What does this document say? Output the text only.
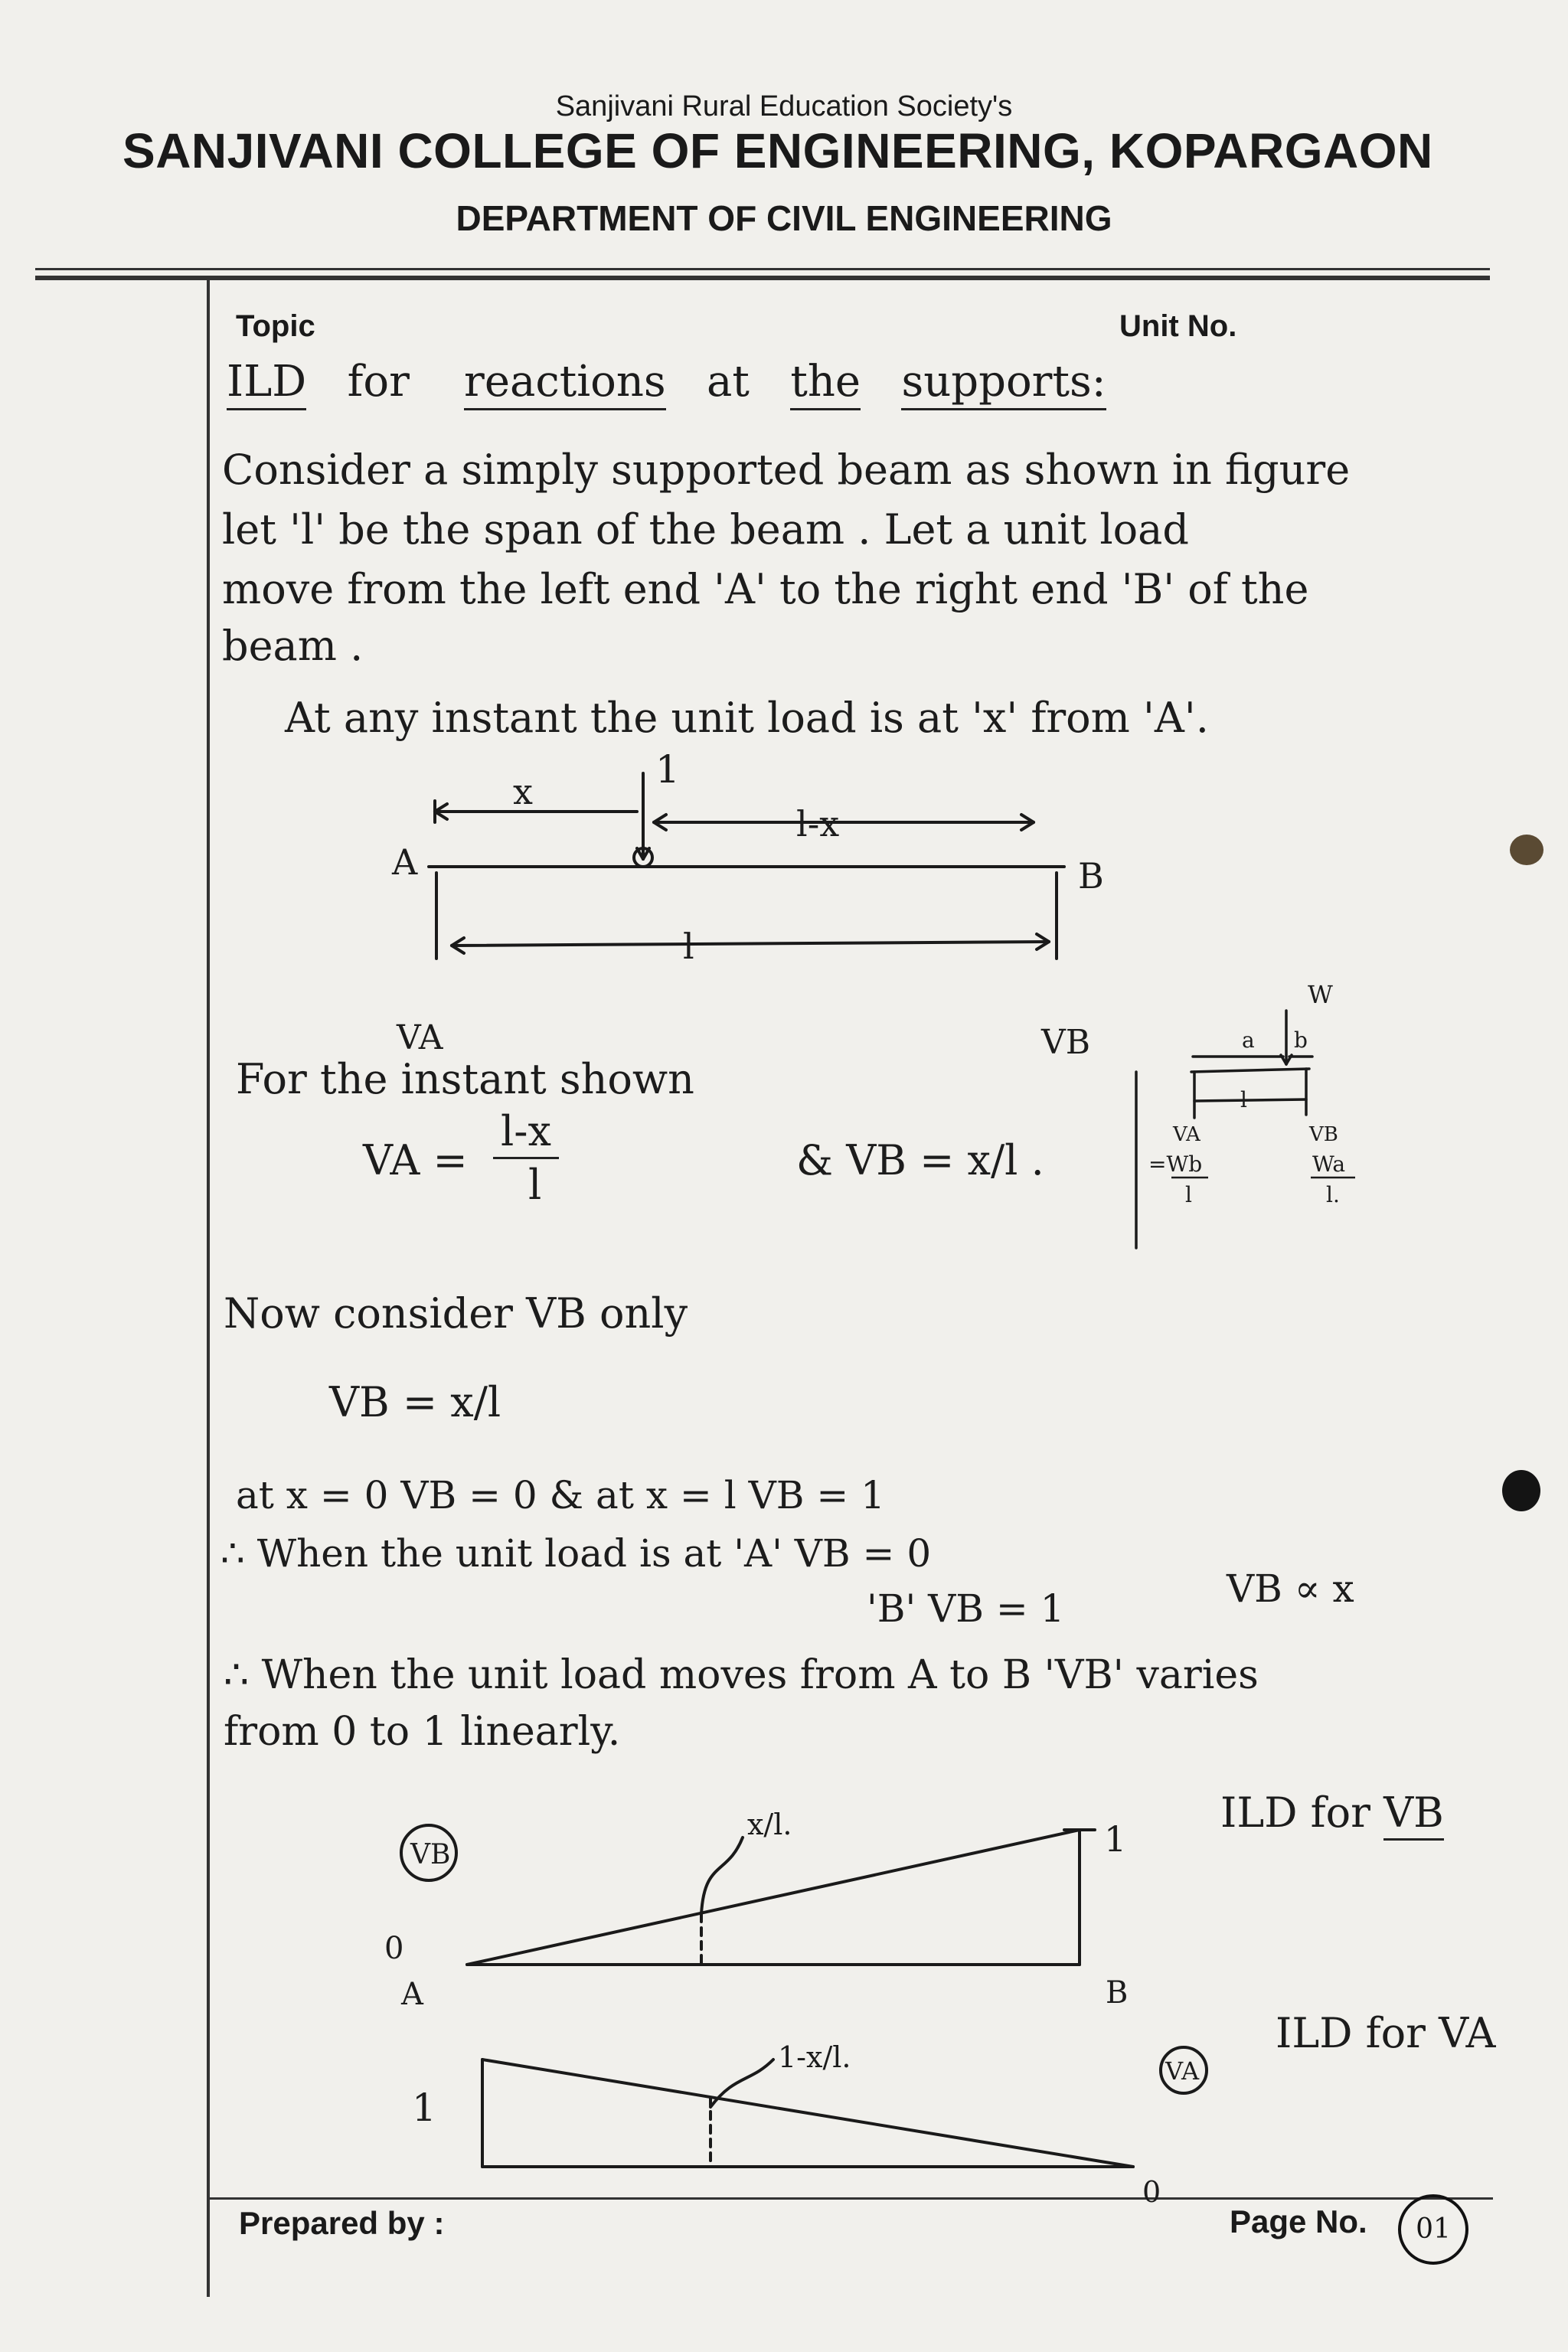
Sanjivani Rural Education Society's
SANJIVANI COLLEGE OF ENGINEERING, KOPARGAON
DEPARTMENT OF CIVIL ENGINEERING
Topic	Unit No.
Prepared by :	Page No.	01
ILD for reactions at the supports:
Consider a simply supported beam as shown in figure
let 'l' be the span of the beam . Let a unit load
move from the left end 'A' to the right end 'B' of the
beam .
At any instant the unit load is at 'x' from 'A'.
1
x
l-x
l
A	B
VA	VB
For the instant shown
VA =
l-x
l
& VB = x/l .
W
a b
l
VA	VB
=Wb
l
Wa
l.
Now consider VB only
VB = x/l
at x = 0 VB = 0 & at x = l VB = 1
∴ When the unit load is at 'A' VB = 0
'B' VB = 1	VB ∝ x
∴ When the unit load moves from A to B 'VB' varies
from 0 to 1 linearly.
ILD for VB
VB
0
A
1
B
x/l.
1
0
1-x/l.	VA
ILD for VA
